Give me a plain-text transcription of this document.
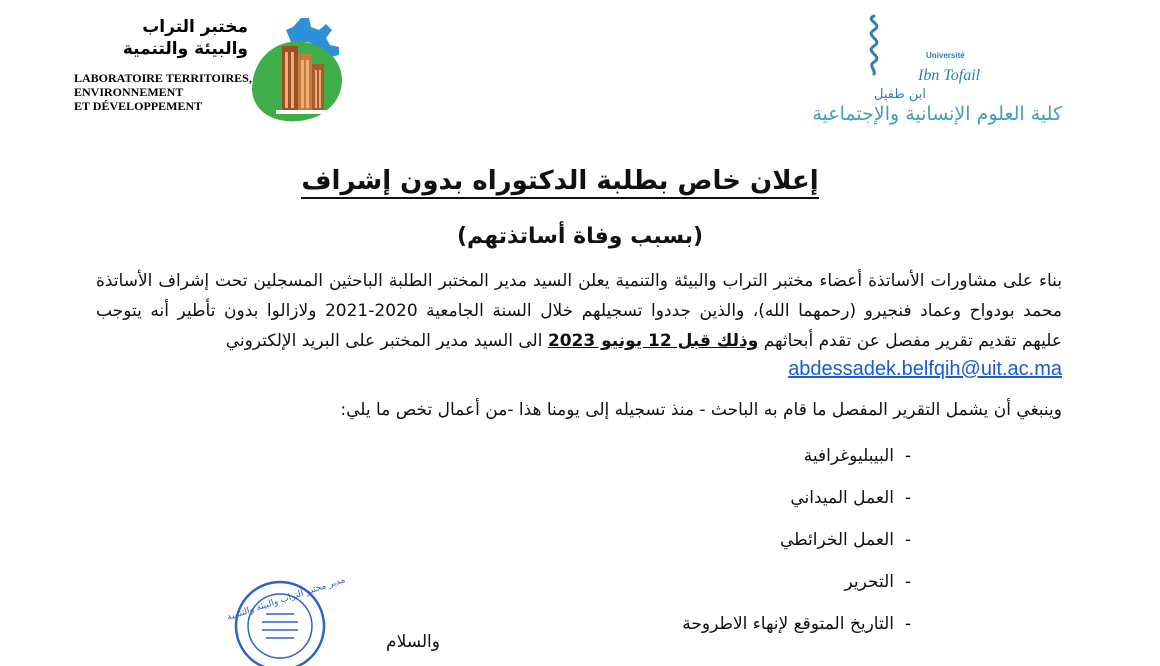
مختبر التراب
والبيئة والتنمية
LABORATOIRE TERRITOIRES,
ENVIRONNEMENT
ET DÉVELOPPEMENT
Université
Ibn Tofail
ابن طفيل
كلية العلوم الإنسانية والإجتماعية
إعلان خاص بطلبة الدكتوراه بدون إشراف
(بسبب وفاة أساتذتهم)
بناء على مشاورات الأساتذة أعضاء مختبر التراب والبيئة والتنمية يعلن السيد مدير المختبر الطلبة الباحثين المسجلين تحت إشراف الأساتذة
محمد بودواح وعماد فنجيرو (رحمهما الله)، والذين جددوا تسجيلهم خلال السنة الجامعية 2020-2021 ولازالوا بدون تأطير أنه يتوجب
عليهم تقديم تقرير مفصل عن تقدم أبحاثهم وذلك قبل 12 يونيو 2023 الى السيد مدير المختبر على البريد الإلكتروني
abdessadek.belfqih@uit.ac.ma
وينبغي أن يشمل التقرير المفصل ما قام به الباحث - منذ تسجيله إلى يومنا هذا -من أعمال تخص ما يلي:
-البيبليوغرافية
-العمل الميداني
-العمل الخرائطي
-التحرير
-التاريخ المتوقع لإنهاء الاطروحة
مدير مختبر التراب والبيئة والتنمية
والسلام
